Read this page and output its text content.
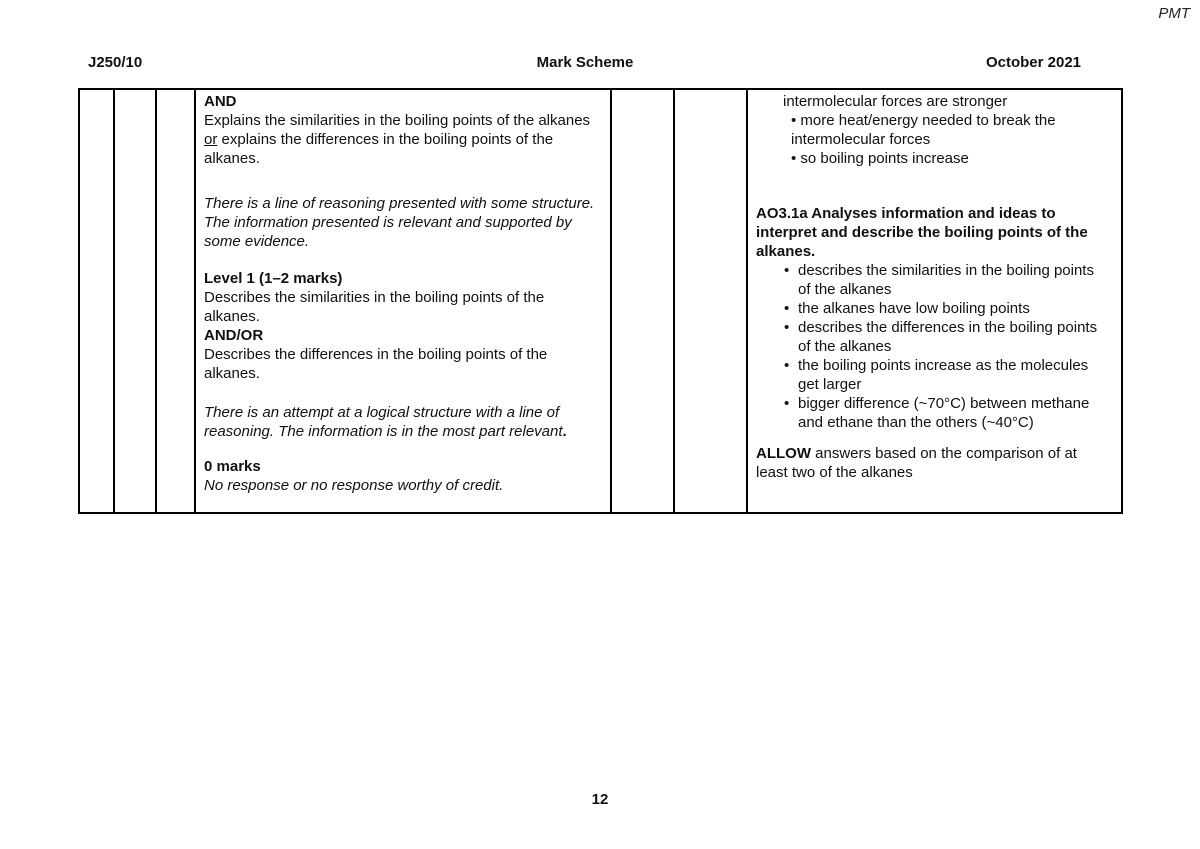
PMT
J250/10	Mark Scheme	October 2021
AND
Explains the similarities in the boiling points of the alkanes or explains the differences in the boiling points of the alkanes.
There is a line of reasoning presented with some structure. The information presented is relevant and supported by some evidence.
Level 1 (1–2 marks)
Describes the similarities in the boiling points of the alkanes.
AND/OR
Describes the differences in the boiling points of the alkanes.
There is an attempt at a logical structure with a line of reasoning. The information is in the most part relevant.
0 marks
No response or no response worthy of credit.
intermolecular forces are stronger
• more heat/energy needed to break the intermolecular forces
• so boiling points increase
AO3.1a Analyses information and ideas to interpret and describe the boiling points of the alkanes.
•describes the similarities in the boiling points of the alkanes
•the alkanes have low boiling points
•describes the differences in the boiling points of the alkanes
•the boiling points increase as the molecules get larger
•bigger difference (~70°C) between methane and ethane than the others (~40°C)
ALLOW answers based on the comparison of at least two of the alkanes
12
